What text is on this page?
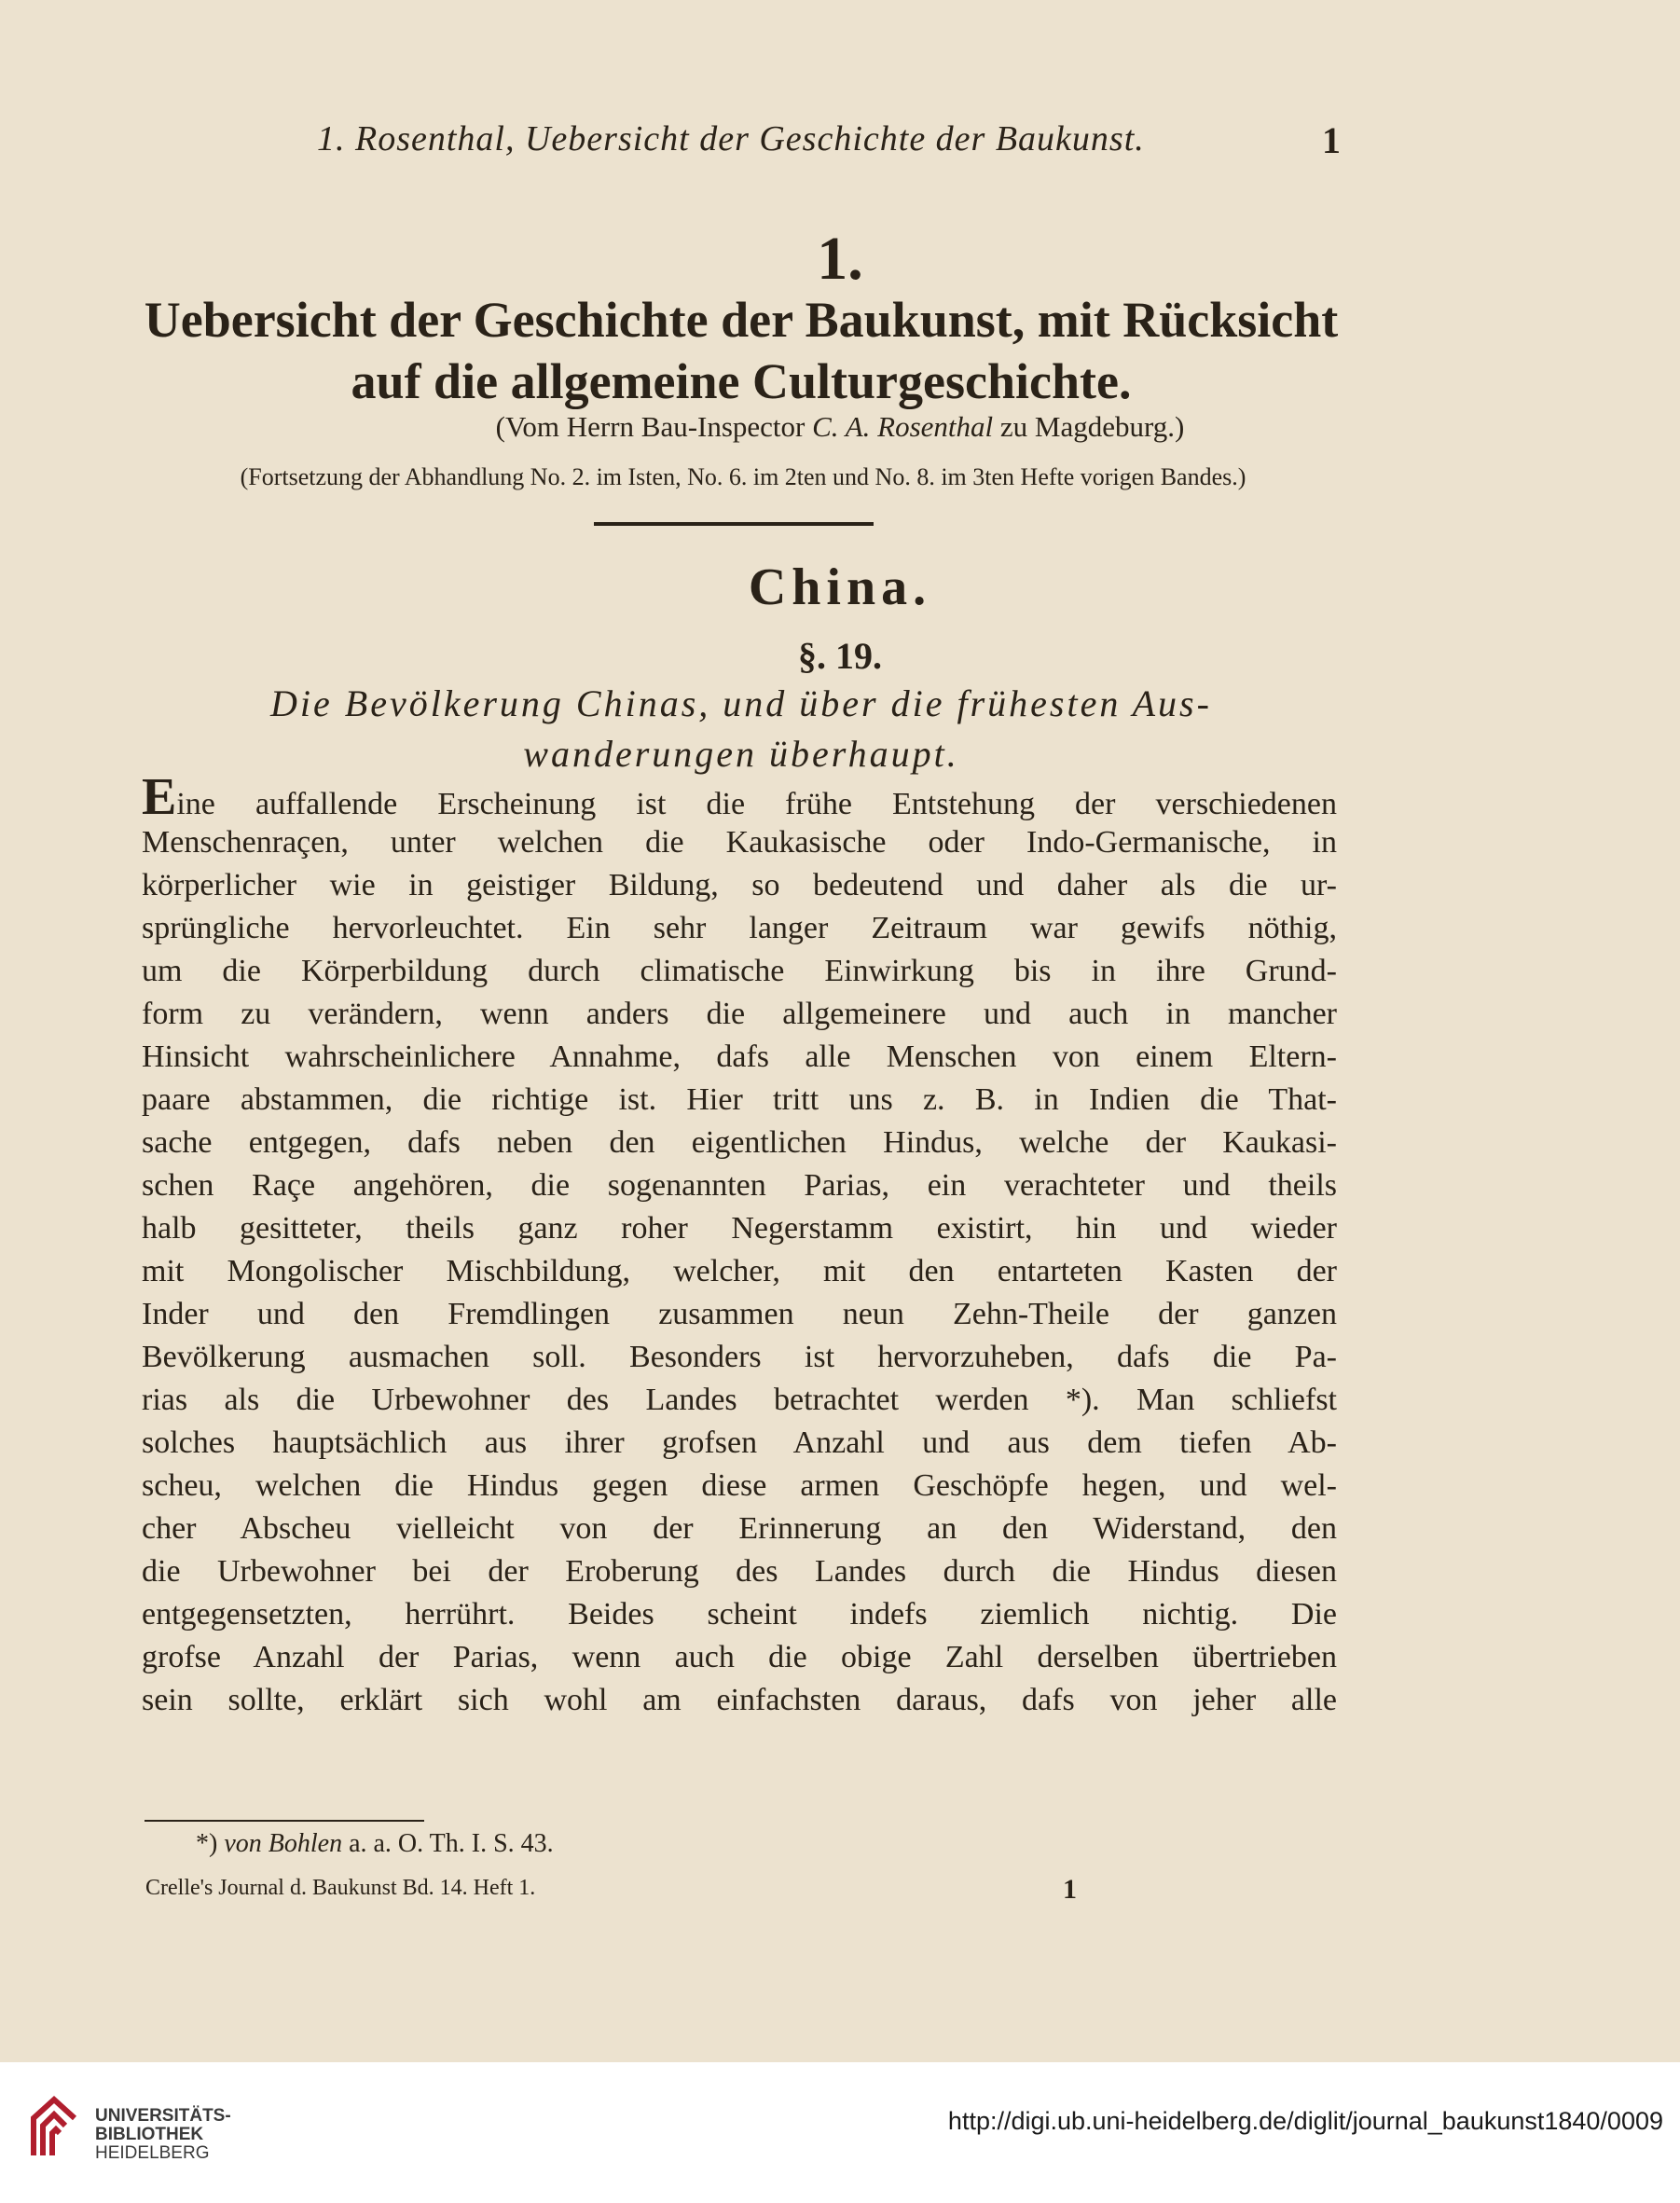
1. Rosenthal, Uebersicht der Geschichte der Baukunst.	1
1.
Uebersicht der Geschichte der Baukunst, mit Rücksicht
auf die allgemeine Culturgeschichte.
(Vom Herrn Bau-Inspector C. A. Rosenthal zu Magdeburg.)
(Fortsetzung der Abhandlung No. 2. im Isten, No. 6. im 2ten und No. 8. im 3ten Hefte vorigen Bandes.)
China.
§. 19.
Die Bevölkerung Chinas, und über die frühesten Aus-
wanderungen überhaupt.
Eine auffallende Erscheinung ist die frühe Entstehung der verschiedenen
Menschenraçen, unter welchen die Kaukasische oder Indo-Germanische, in
körperlicher wie in geistiger Bildung, so bedeutend und daher als die ur-
sprüngliche hervorleuchtet. Ein sehr langer Zeitraum war gewifs nöthig,
um die Körperbildung durch climatische Einwirkung bis in ihre Grund-
form zu verändern, wenn anders die allgemeinere und auch in mancher
Hinsicht wahrscheinlichere Annahme, dafs alle Menschen von einem Eltern-
paare abstammen, die richtige ist. Hier tritt uns z. B. in Indien die That-
sache entgegen, dafs neben den eigentlichen Hindus, welche der Kaukasi-
schen Raçe angehören, die sogenannten Parias, ein verachteter und theils
halb gesitteter, theils ganz roher Negerstamm existirt, hin und wieder
mit Mongolischer Mischbildung, welcher, mit den entarteten Kasten der
Inder und den Fremdlingen zusammen neun Zehn-Theile der ganzen
Bevölkerung ausmachen soll. Besonders ist hervorzuheben, dafs die Pa-
rias als die Urbewohner des Landes betrachtet werden *). Man schliefst
solches hauptsächlich aus ihrer grofsen Anzahl und aus dem tiefen Ab-
scheu, welchen die Hindus gegen diese armen Geschöpfe hegen, und wel-
cher Abscheu vielleicht von der Erinnerung an den Widerstand, den
die Urbewohner bei der Eroberung des Landes durch die Hindus diesen
entgegensetzten, herrührt. Beides scheint indefs ziemlich nichtig. Die
grofse Anzahl der Parias, wenn auch die obige Zahl derselben übertrieben
sein sollte, erklärt sich wohl am einfachsten daraus, dafs von jeher alle
*) von Bohlen a. a. O. Th. I. S. 43.
Crelle's Journal d. Baukunst Bd. 14. Heft 1.	1
UNIVERSITÄTS-
BIBLIOTHEK
HEIDELBERG
http://digi.ub.uni-heidelberg.de/diglit/journal_baukunst1840/0009
